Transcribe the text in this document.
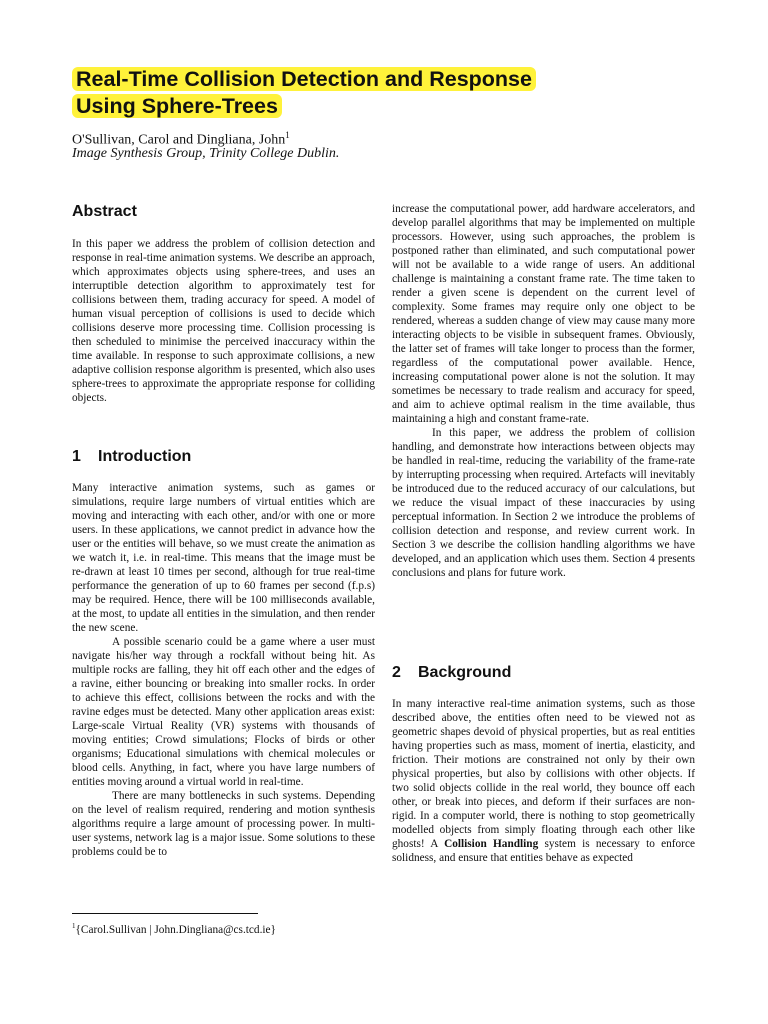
Real-Time Collision Detection and Response
Using Sphere-Trees
O'Sullivan, Carol and Dingliana, John$^1$
Image Synthesis Group, Trinity College Dublin.
Abstract

In this paper we address the problem of collision detection and response in real-time animation systems. We describe an approach, which approximates objects using sphere-trees, and uses an interruptible detection algorithm to approximately test for collisions between them, trading accuracy for speed. A model of human visual perception of collisions is used to decide which collisions deserve more processing time. Collision processing is then scheduled to minimise the perceived inaccuracy within the time available. In response to such approximate collisions, a new adaptive collision response algorithm is presented, which also uses sphere-trees to approximate the appropriate response for colliding objects.

1 Introduction

Many interactive animation systems, such as games or simulations, require large numbers of virtual entities which are moving and interacting with each other, and/or with one or more users. In these applications, we cannot predict in advance how the user or the entities will behave, so we must create the animation as we watch it, i.e. in real-time. This means that the image must be re-drawn at least 10 times per second, although for true real-time performance the generation of up to 60 frames per second (f.p.s) may be required. Hence, there will be 100 milliseconds available, at the most, to update all entities in the simulation, and then render the new scene.

A possible scenario could be a game where a user must navigate his/her way through a rockfall without being hit. As multiple rocks are falling, they hit off each other and the edges of a ravine, either bouncing or breaking into smaller rocks. In order to achieve this effect, collisions between the rocks and with the ravine edges must be detected. Many other application areas exist: Large-scale Virtual Reality (VR) systems with thousands of moving entities; Crowd simulations; Flocks of birds or other organisms; Educational simulations with chemical molecules or blood cells. Anything, in fact, where you have large numbers of entities moving around a virtual world in real-time.

There are many bottlenecks in such systems. Depending on the level of realism required, rendering and motion synthesis algorithms require a large amount of processing power. In multi-user systems, network lag is a major issue. Some solutions to these problems could be to

increase the computational power, add hardware accelerators, and develop parallel algorithms that may be implemented on multiple processors. However, using such approaches, the problem is postponed rather than eliminated, and such computational power will not be available to a wide range of users. An additional challenge is maintaining a constant frame rate. The time taken to render a given scene is dependent on the current level of complexity. Some frames may require only one object to be rendered, whereas a sudden change of view may cause many more interacting objects to be visible in subsequent frames. Obviously, the latter set of frames will take longer to process than the former, regardless of the computational power available. Hence, increasing computational power alone is not the solution. It may sometimes be necessary to trade realism and accuracy for speed, and aim to achieve optimal realism in the time available, thus maintaining a high and constant frame-rate.

In this paper, we address the problem of collision handling, and demonstrate how interactions between objects may be handled in real-time, reducing the variability of the frame-rate by interrupting processing when required. Artefacts will inevitably be introduced due to the reduced accuracy of our calculations, but we reduce the visual impact of these inaccuracies by using perceptual information. In Section 2 we introduce the problems of collision detection and response, and review current work. In Section 3 we describe the collision handling algorithms we have developed, and an application which uses them. Section 4 presents conclusions and plans for future work.

2 Background

In many interactive real-time animation systems, such as those described above, the entities often need to be viewed not as geometric shapes devoid of physical properties, but as real entities having properties such as mass, moment of inertia, elasticity, and friction. Their motions are constrained not only by their own physical properties, but also by collisions with other objects. If two solid objects collide in the real world, they bounce off each other, or break into pieces, and deform if their surfaces are non-rigid. In a computer world, there is nothing to stop geometrically modelled objects from simply floating through each other like ghosts! A Collision Handling system is necessary to enforce solidness, and ensure that entities behave as expected

$^1${Carol.Sullivan | John.Dingliana@cs.tcd.ie}
